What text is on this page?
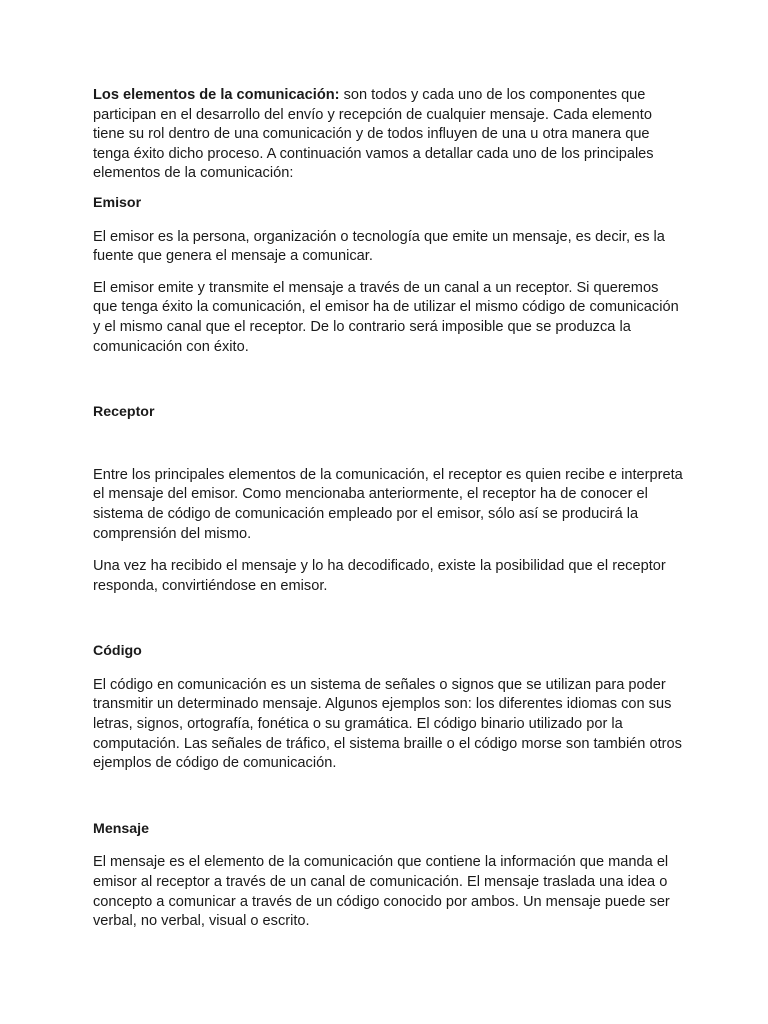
Los elementos de la comunicación: son todos y cada uno de los componentes que participan en el desarrollo del envío y recepción de cualquier mensaje. Cada elemento tiene su rol dentro de una comunicación y de todos influyen de una u otra manera que tenga éxito dicho proceso. A continuación vamos a detallar cada uno de los principales elementos de la comunicación:

Emisor

El emisor es la persona, organización o tecnología que emite un mensaje, es decir, es la fuente que genera el mensaje a comunicar.

El emisor emite y transmite el mensaje a través de un canal a un receptor. Si queremos que tenga éxito la comunicación, el emisor ha de utilizar el mismo código de comunicación y el mismo canal que el receptor. De lo contrario será imposible que se produzca la comunicación con éxito.

Receptor

Entre los principales elementos de la comunicación, el receptor es quien recibe e interpreta el mensaje del emisor. Como mencionaba anteriormente, el receptor ha de conocer el sistema de código de comunicación empleado por el emisor, sólo así se producirá la comprensión del mismo.

Una vez ha recibido el mensaje y lo ha decodificado, existe la posibilidad que el receptor responda, convirtiéndose en emisor.

Código

El código en comunicación es un sistema de señales o signos que se utilizan para poder transmitir un determinado mensaje. Algunos ejemplos son: los diferentes idiomas con sus letras, signos, ortografía, fonética o su gramática. El código binario utilizado por la computación. Las señales de tráfico, el sistema braille o el código morse son también otros ejemplos de código de comunicación.

Mensaje

El mensaje es el elemento de la comunicación que contiene la información que manda el emisor al receptor a través de un canal de comunicación. El mensaje traslada una idea o concepto a comunicar a través de un código conocido por ambos. Un mensaje puede ser verbal, no verbal, visual o escrito.
